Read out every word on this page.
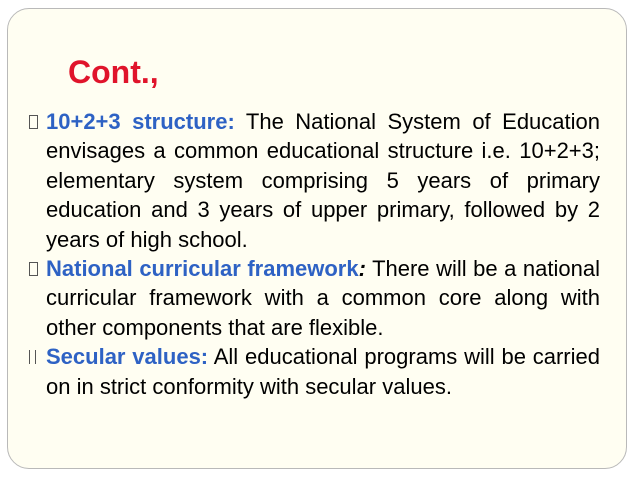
Cont.,
10+2+3 structure: The National System of Education envisages a common educational structure i.e. 10+2+3; elementary system comprising 5 years of primary education and 3 years of upper primary, followed by 2 years of high school.
National curricular framework: There will be a national curricular framework with a common core along with other components that are flexible.
Secular values: All educational programs will be carried on in strict conformity with secular values.
